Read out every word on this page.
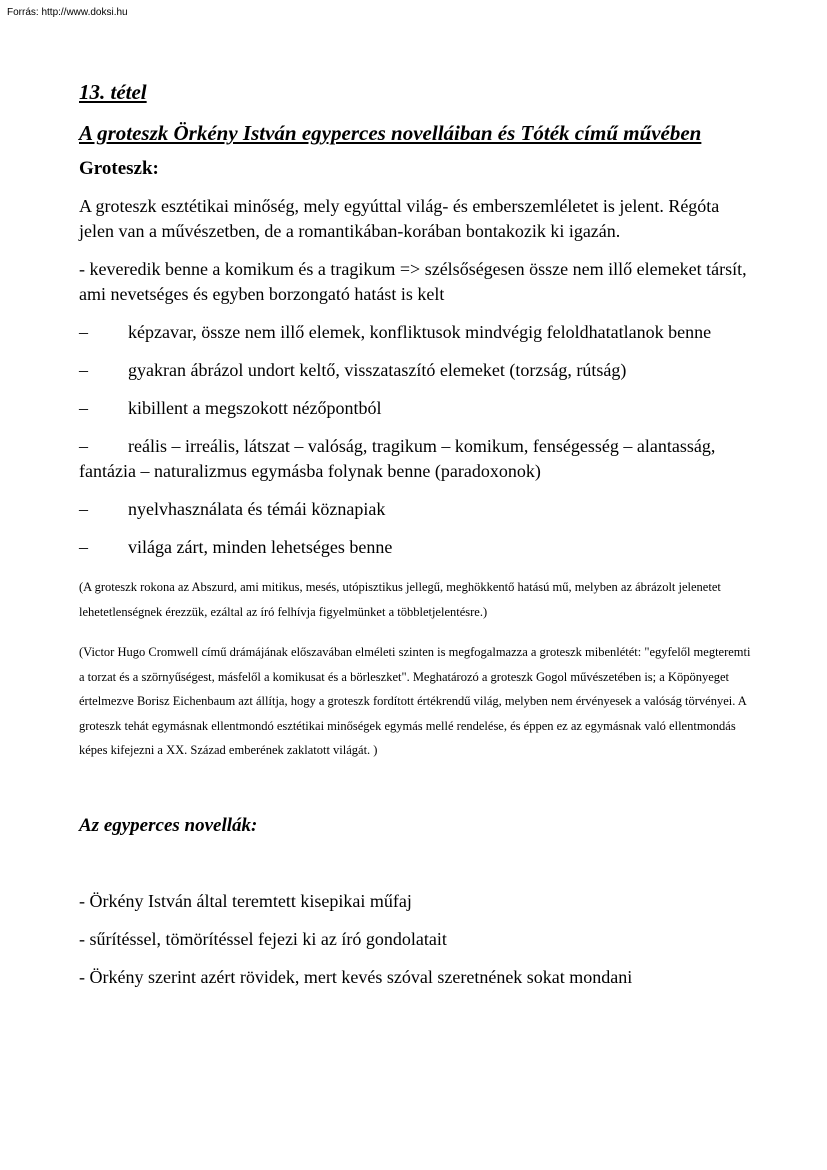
Forrás: http://www.doksi.hu
13. tétel
A groteszk Örkény István egyperces novelláiban és Tóték című művében
Groteszk:

A groteszk esztétikai minőség, mely egyúttal világ- és emberszemléletet is jelent. Régóta jelen van a művészetben, de a romantikában-korában bontakozik ki igazán.

- keveredik benne a komikum és a tragikum => szélsőségesen össze nem illő elemeket társít, ami nevetséges és egyben borzongató hatást is kelt

– képzavar, össze nem illő elemek, konfliktusok mindvégig feloldhatatlanok benne
– gyakran ábrázol undort keltő, visszataszító elemeket (torzság, rútság)
– kibillent a megszokott nézőpontból
– reális – irreális, látszat – valóság, tragikum – komikum, fenségesség – alantasság, fantázia – naturalizmus egymásba folynak benne (paradoxonok)
– nyelvhasználata és témái köznapiak
– világa zárt, minden lehetséges benne

(A groteszk rokona az Abszurd, ami mitikus, mesés, utópisztikus jellegű, meghökkentő hatású mű, melyben az ábrázolt jelenetet lehetetlenségnek érezzük, ezáltal az író felhívja figyelmünket a többletjelentésre.)

(Victor Hugo Cromwell című drámájának előszavában elméleti szinten is megfogalmazza a groteszk mibenlétét: "egyfelől megteremti a torzat és a szörnyűségest, másfelől a komikusat és a börleszket". Meghatározó a groteszk Gogol művészetében is; a Köpönyeget értelmezve Borisz Eichenbaum azt állítja, hogy a groteszk fordított értékrendű világ, melyben nem érvényesek a valóság törvényei. A groteszk tehát egymásnak ellentmondó esztétikai minőségek egymás mellé rendelése, és éppen ez az egymásnak való ellentmondás képes kifejezni a XX. Század emberének zaklatott világát. )

Az egyperces novellák:
- Örkény István által teremtett kisepikai műfaj
- sűrítéssel, tömörítéssel fejezi ki az író gondolatait
- Örkény szerint azért rövidek, mert kevés szóval szeretnének sokat mondani
